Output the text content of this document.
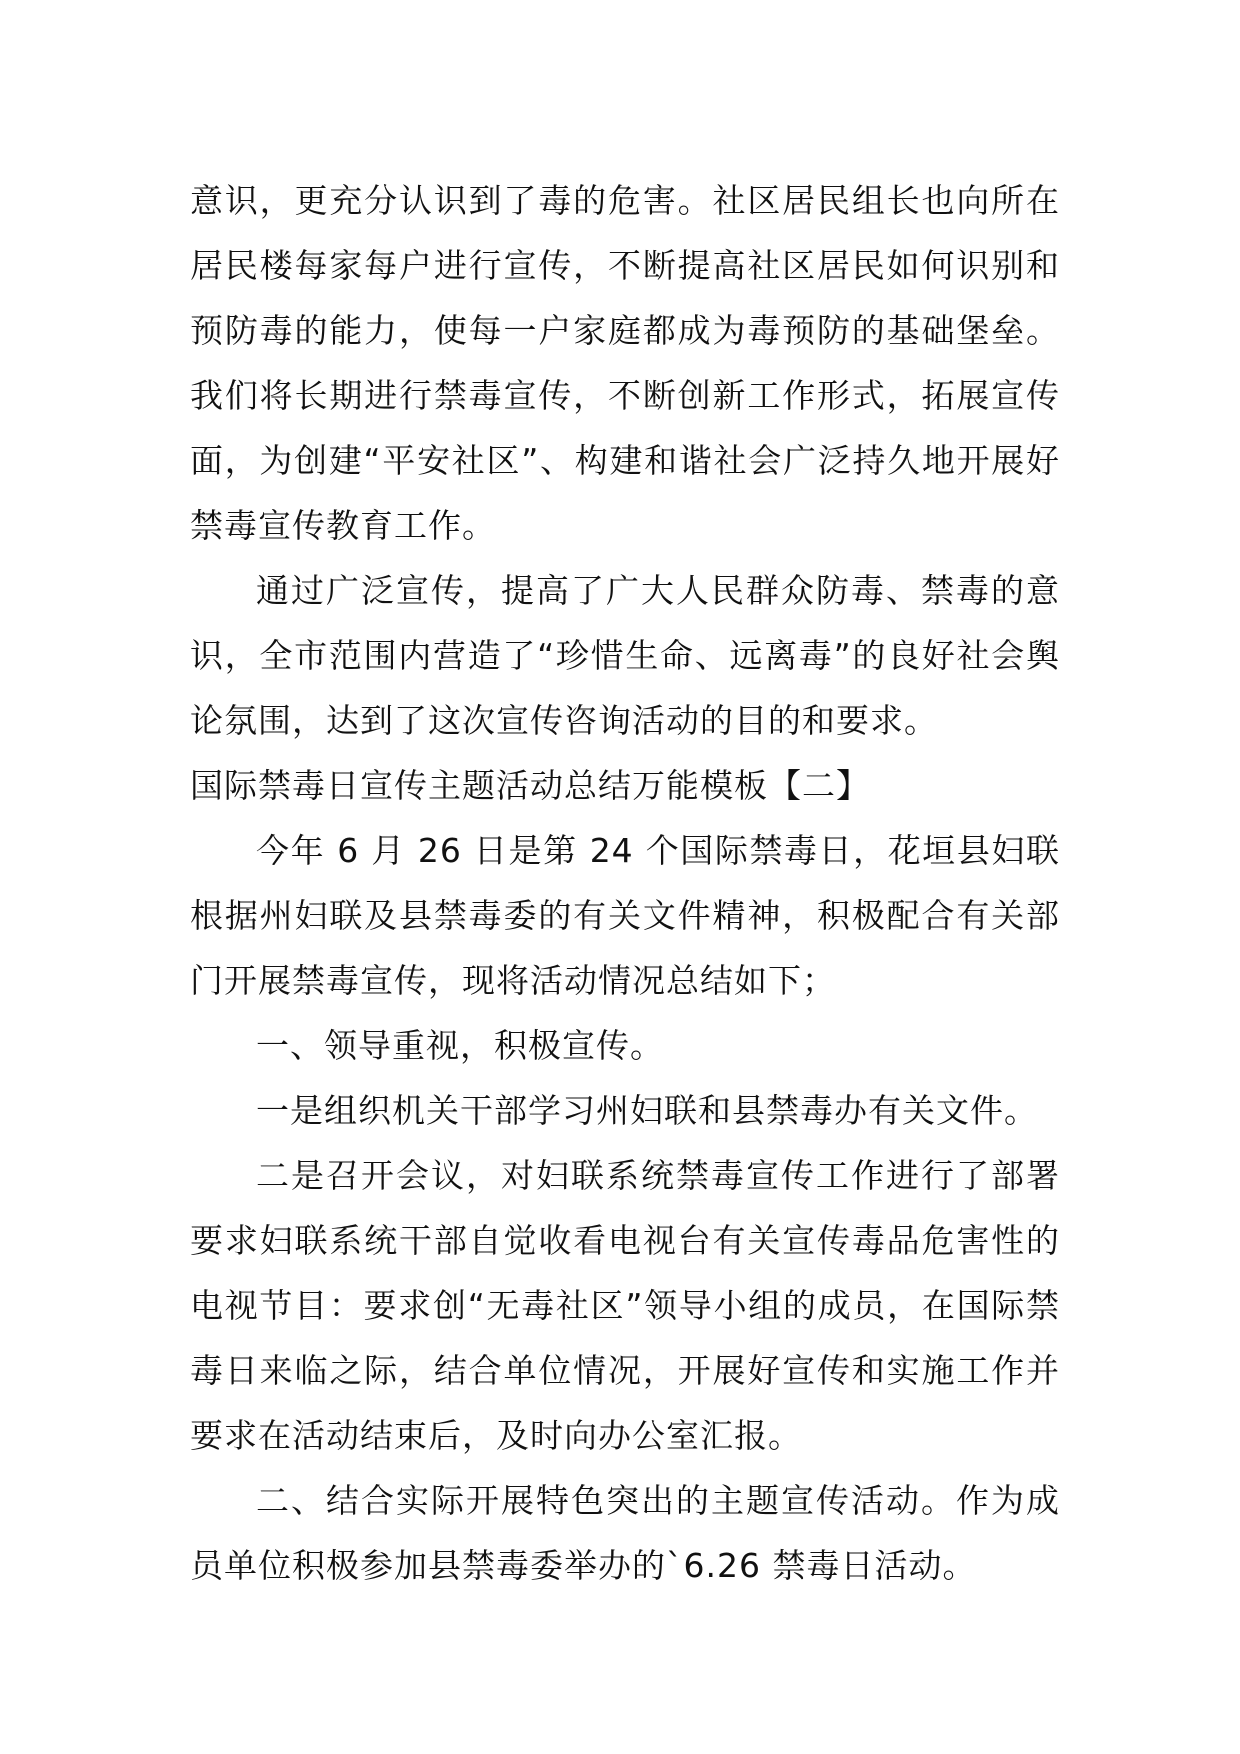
意识，更充分认识到了毒的危害。社区居民组长也向所在居民楼每家每户进行宣传，不断提高社区居民如何识别和预防毒的能力，使每一户家庭都成为毒预防的基础堡垒。我们将长期进行禁毒宣传，不断创新工作形式，拓展宣传面，为创建“平安社区”、构建和谐社会广泛持久地开展好禁毒宣传教育工作。

通过广泛宣传，提高了广大人民群众防毒、禁毒的意识，全市范围内营造了“珍惜生命、远离毒”的良好社会舆论氛围，达到了这次宣传咨询活动的目的和要求。

国际禁毒日宣传主题活动总结万能模板【二】

今年 6 月 26 日是第 24 个国际禁毒日，花垣县妇联根据州妇联及县禁毒委的有关文件精神，积极配合有关部门开展禁毒宣传，现将活动情况总结如下；

一、领导重视，积极宣传。

一是组织机关干部学习州妇联和县禁毒办有关文件。

二是召开会议，对妇联系统禁毒宣传工作进行了部署要求妇联系统干部自觉收看电视台有关宣传毒品危害性的电视节目：要求创“无毒社区”领导小组的成员，在国际禁毒日来临之际，结合单位情况，开展好宣传和实施工作并要求在活动结束后，及时向办公室汇报。

二、结合实际开展特色突出的主题宣传活动。作为成员单位积极参加县禁毒委举办的`6.26 禁毒日活动。
